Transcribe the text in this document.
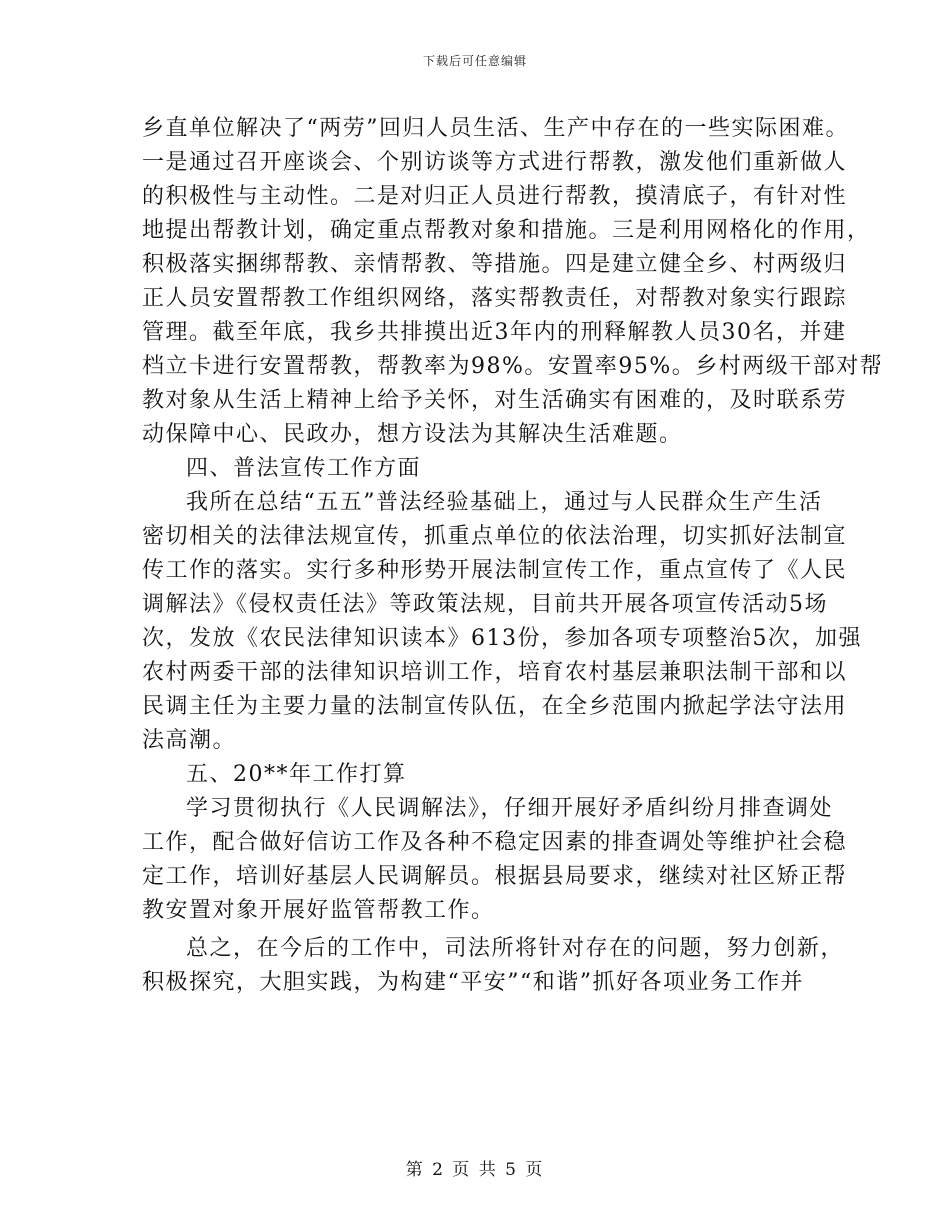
下载后可任意编辑

乡直单位解决了“两劳”回归人员生活、生产中存在的一些实际困难。
一是通过召开座谈会、个别访谈等方式进行帮教，激发他们重新做人
的积极性与主动性。二是对归正人员进行帮教，摸清底子，有针对性
地提出帮教计划，确定重点帮教对象和措施。三是利用网格化的作用，
积极落实捆绑帮教、亲情帮教、等措施。四是建立健全乡、村两级归
正人员安置帮教工作组织网络，落实帮教责任，对帮教对象实行跟踪
管理。截至年底，我乡共排摸出近3年内的刑释解教人员30名，并建
档立卡进行安置帮教，帮教率为98%。安置率95%。乡村两级干部对帮
教对象从生活上精神上给予关怀，对生活确实有困难的，及时联系劳
动保障中心、民政办，想方设法为其解决生活难题。

四、普法宣传工作方面

我所在总结“五五”普法经验基础上，通过与人民群众生产生活
密切相关的法律法规宣传，抓重点单位的依法治理，切实抓好法制宣
传工作的落实。实行多种形势开展法制宣传工作，重点宣传了《人民
调解法》《侵权责任法》等政策法规，目前共开展各项宣传活动5场
次，发放《农民法律知识读本》613份，参加各项专项整治5次，加强
农村两委干部的法律知识培训工作，培育农村基层兼职法制干部和以
民调主任为主要力量的法制宣传队伍，在全乡范围内掀起学法守法用
法高潮。

五、20**年工作打算

学习贯彻执行《人民调解法》，仔细开展好矛盾纠纷月排查调处
工作，配合做好信访工作及各种不稳定因素的排查调处等维护社会稳
定工作，培训好基层人民调解员。根据县局要求，继续对社区矫正帮
教安置对象开展好监管帮教工作。

总之，在今后的工作中，司法所将针对存在的问题，努力创新，
积极探究，大胆实践，为构建“平安”“和谐”抓好各项业务工作并

第 2 页 共 5 页
